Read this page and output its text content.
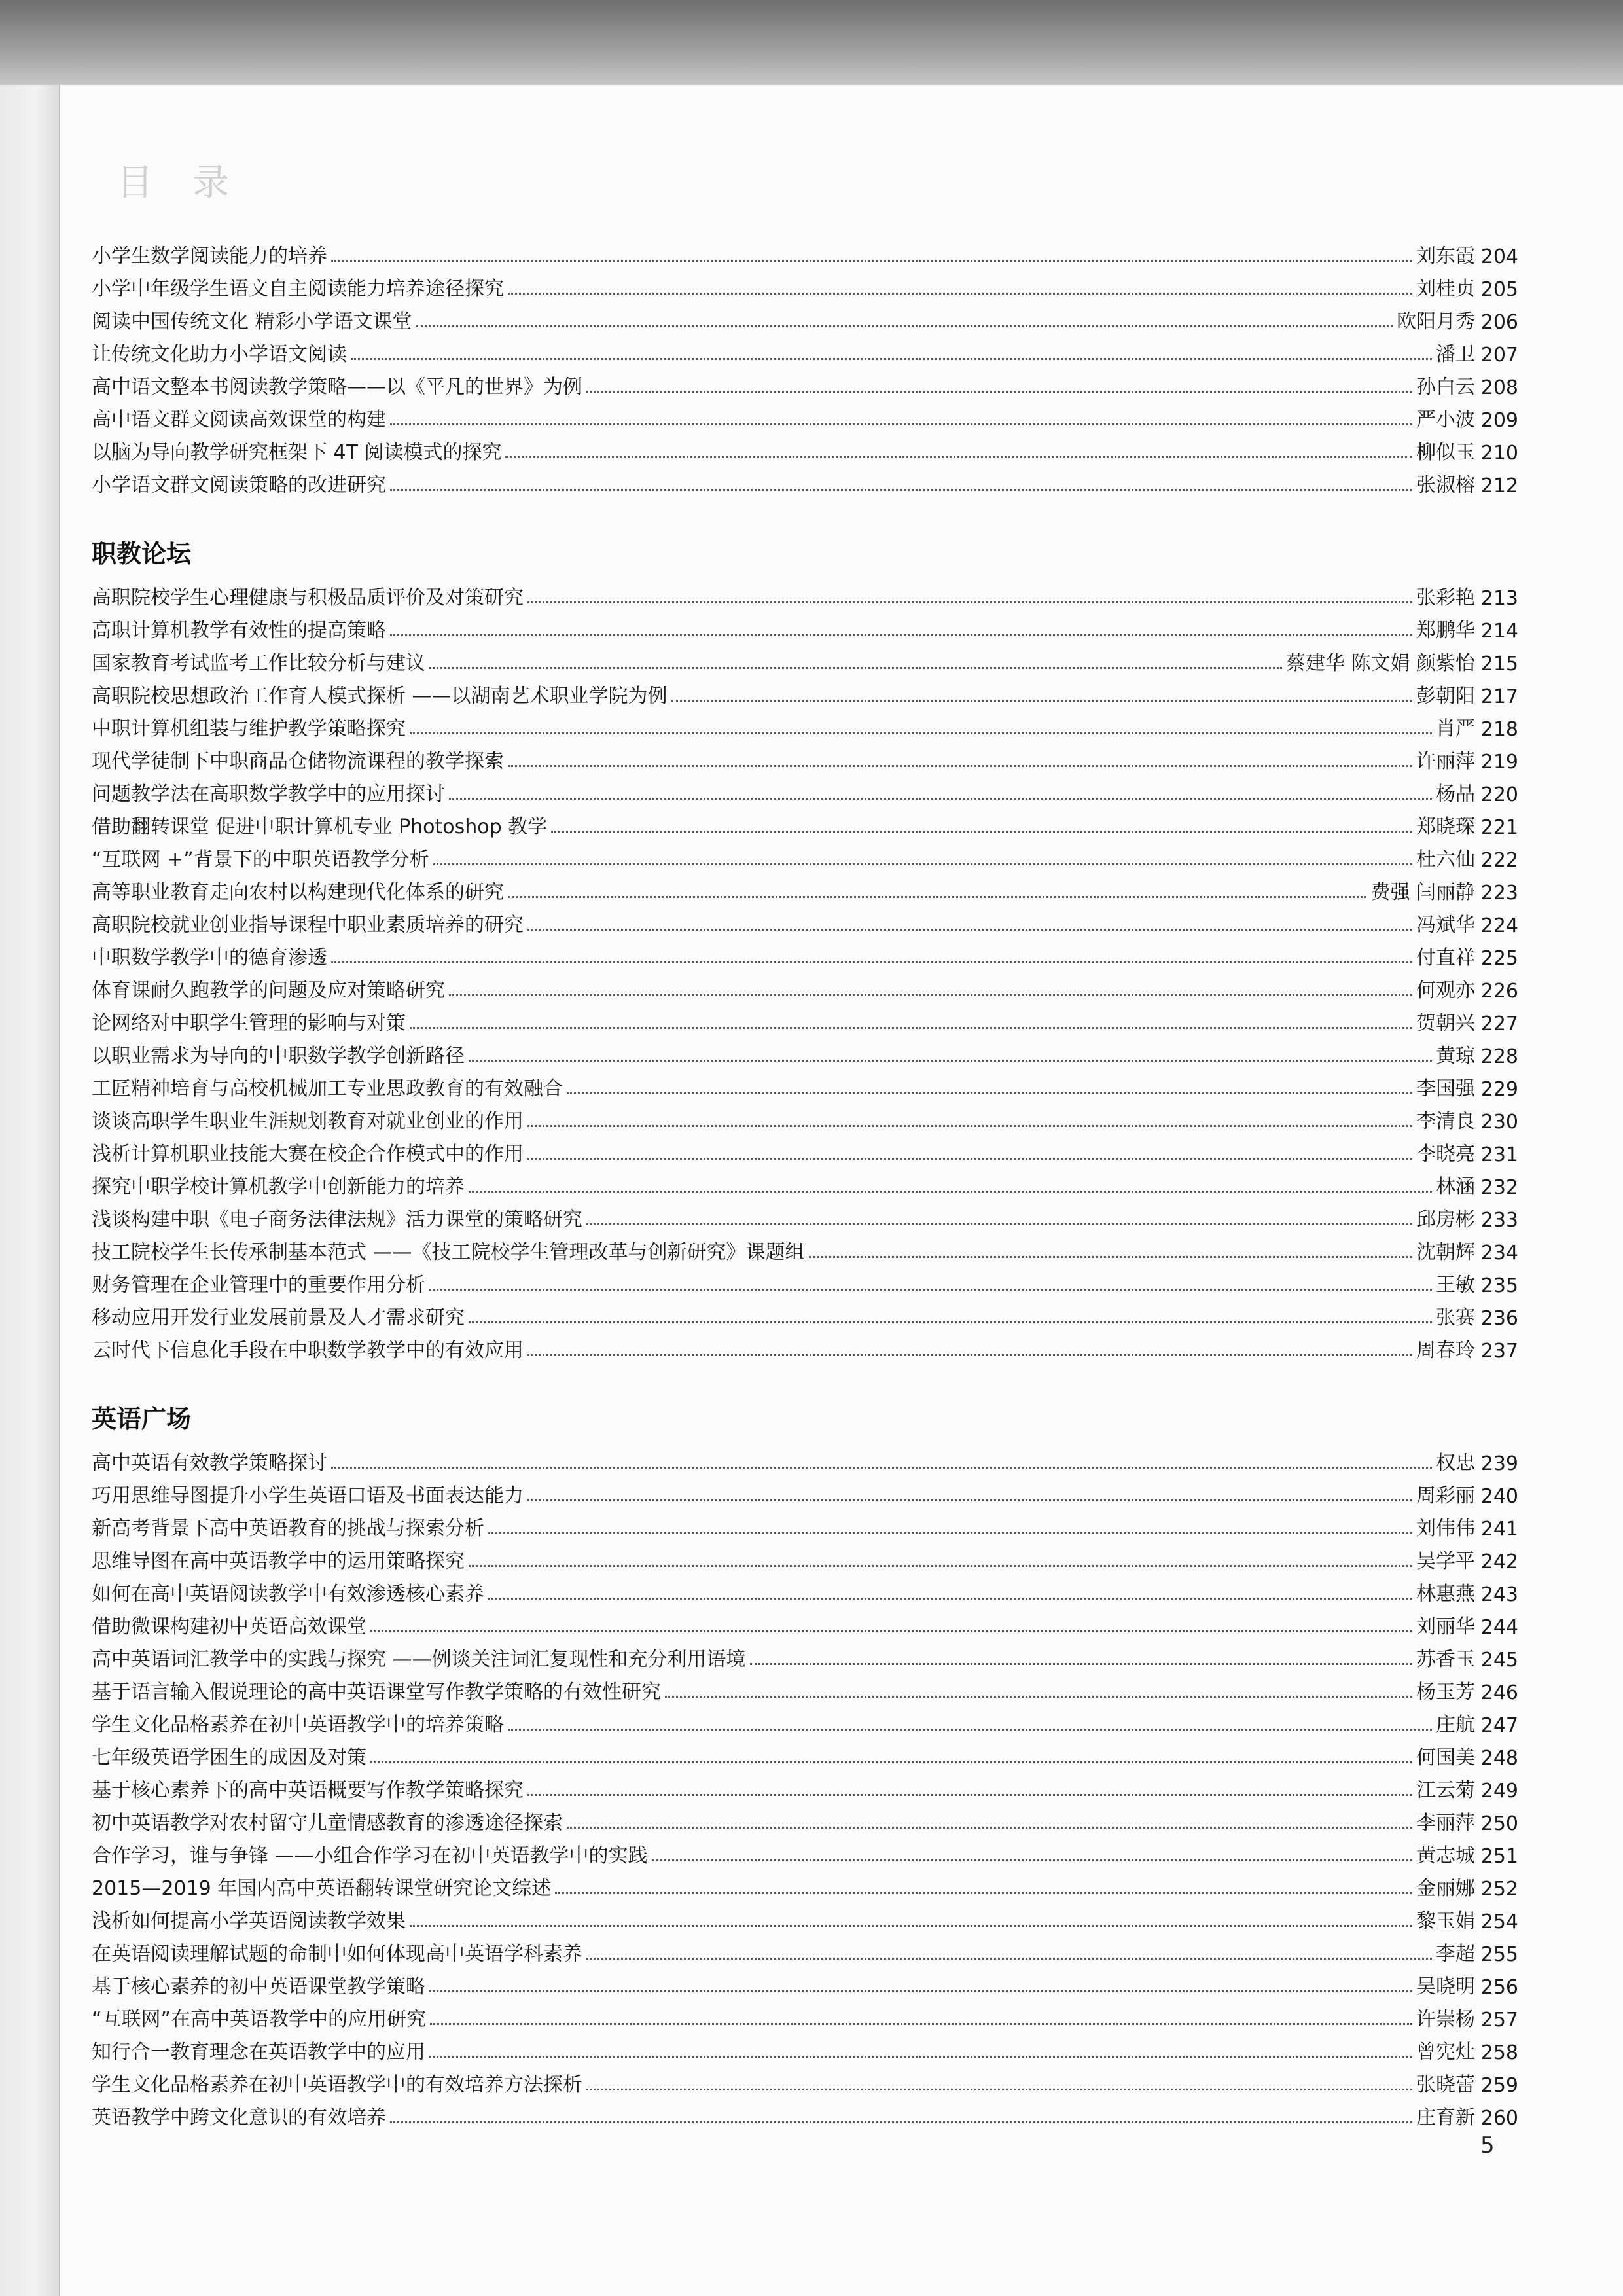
目录
小学生数学阅读能力的培养	刘东霞 204
小学中年级学生语文自主阅读能力培养途径探究	刘桂贞 205
阅读中国传统文化 精彩小学语文课堂	欧阳月秀 206
让传统文化助力小学语文阅读	潘卫 207
高中语文整本书阅读教学策略——以《平凡的世界》为例	孙白云 208
高中语文群文阅读高效课堂的构建	严小波 209
以脑为导向教学研究框架下 4T 阅读模式的探究	柳似玉 210
小学语文群文阅读策略的改进研究	张淑榕 212
职教论坛
高职院校学生心理健康与积极品质评价及对策研究	张彩艳 213
高职计算机教学有效性的提高策略	郑鹏华 214
国家教育考试监考工作比较分析与建议	蔡建华 陈文娟 颜紫怡 215
高职院校思想政治工作育人模式探析 ——以湖南艺术职业学院为例	彭朝阳 217
中职计算机组装与维护教学策略探究	肖严 218
现代学徒制下中职商品仓储物流课程的教学探索	许丽萍 219
问题教学法在高职数学教学中的应用探讨	杨晶 220
借助翻转课堂 促进中职计算机专业 Photoshop 教学	郑晓琛 221
“互联网 +”背景下的中职英语教学分析	杜六仙 222
高等职业教育走向农村以构建现代化体系的研究	费强 闫丽静 223
高职院校就业创业指导课程中职业素质培养的研究	冯斌华 224
中职数学教学中的德育渗透	付直祥 225
体育课耐久跑教学的问题及应对策略研究	何观亦 226
论网络对中职学生管理的影响与对策	贺朝兴 227
以职业需求为导向的中职数学教学创新路径	黄琼 228
工匠精神培育与高校机械加工专业思政教育的有效融合	李国强 229
谈谈高职学生职业生涯规划教育对就业创业的作用	李清良 230
浅析计算机职业技能大赛在校企合作模式中的作用	李晓亮 231
探究中职学校计算机教学中创新能力的培养	林涵 232
浅谈构建中职《电子商务法律法规》活力课堂的策略研究	邱房彬 233
技工院校学生长传承制基本范式 ——《技工院校学生管理改革与创新研究》课题组	沈朝辉 234
财务管理在企业管理中的重要作用分析	王敏 235
移动应用开发行业发展前景及人才需求研究	张赛 236
云时代下信息化手段在中职数学教学中的有效应用	周春玲 237
英语广场
高中英语有效教学策略探讨	权忠 239
巧用思维导图提升小学生英语口语及书面表达能力	周彩丽 240
新高考背景下高中英语教育的挑战与探索分析	刘伟伟 241
思维导图在高中英语教学中的运用策略探究	吴学平 242
如何在高中英语阅读教学中有效渗透核心素养	林惠燕 243
借助微课构建初中英语高效课堂	刘丽华 244
高中英语词汇教学中的实践与探究 ——例谈关注词汇复现性和充分利用语境	苏香玉 245
基于语言输入假说理论的高中英语课堂写作教学策略的有效性研究	杨玉芳 246
学生文化品格素养在初中英语教学中的培养策略	庄航 247
七年级英语学困生的成因及对策	何国美 248
基于核心素养下的高中英语概要写作教学策略探究	江云菊 249
初中英语教学对农村留守儿童情感教育的渗透途径探索	李丽萍 250
合作学习，谁与争锋 ——小组合作学习在初中英语教学中的实践	黄志城 251
2015—2019 年国内高中英语翻转课堂研究论文综述	金丽娜 252
浅析如何提高小学英语阅读教学效果	黎玉娟 254
在英语阅读理解试题的命制中如何体现高中英语学科素养	李超 255
基于核心素养的初中英语课堂教学策略	吴晓明 256
“互联网”在高中英语教学中的应用研究	许崇杨 257
知行合一教育理念在英语教学中的应用	曾宪灶 258
学生文化品格素养在初中英语教学中的有效培养方法探析	张晓蕾 259
英语教学中跨文化意识的有效培养	庄育新 260
5
